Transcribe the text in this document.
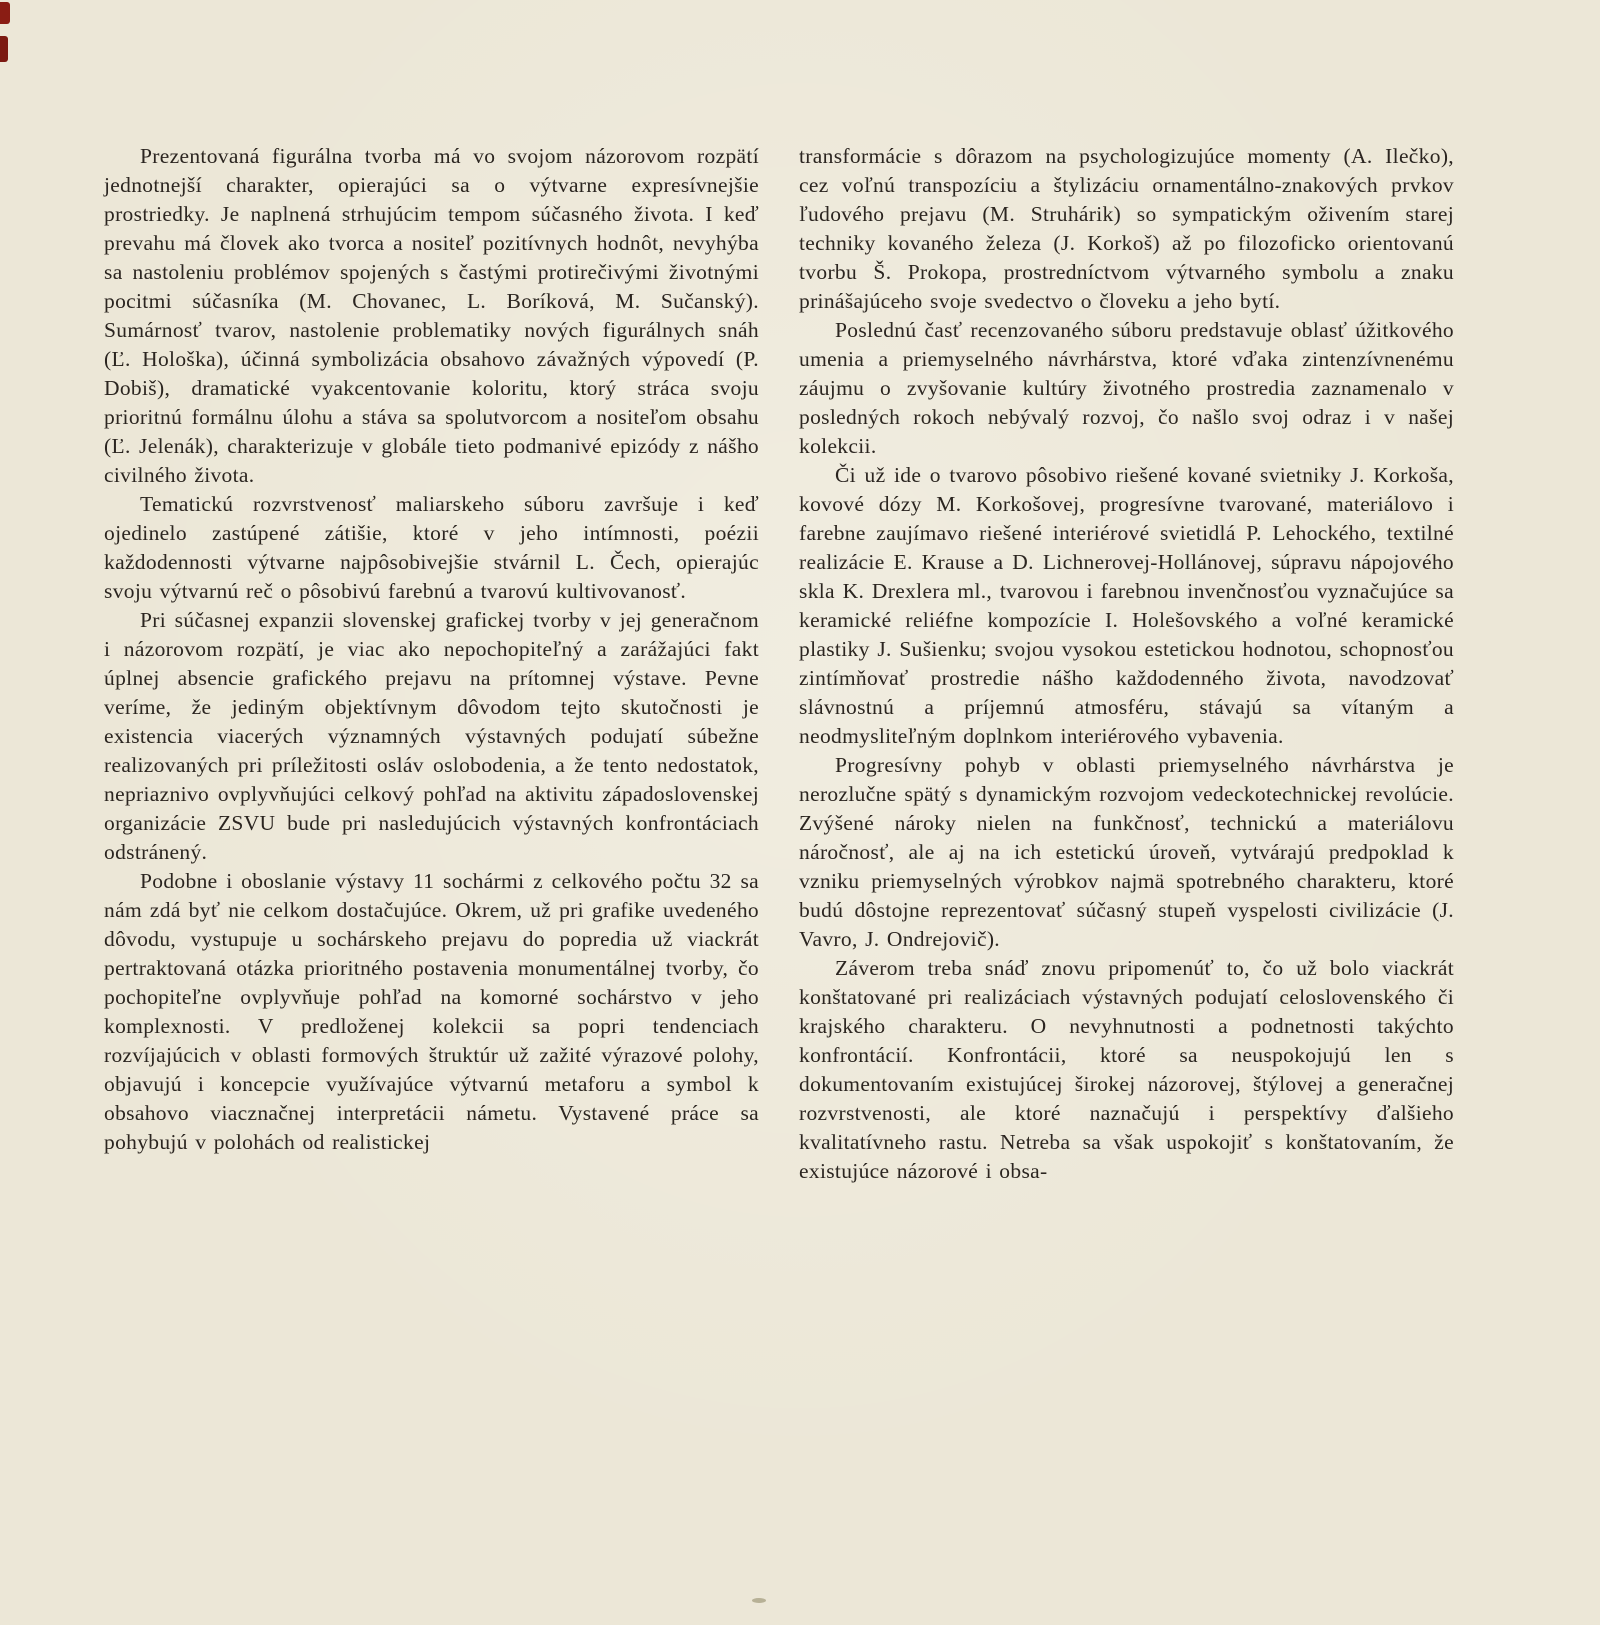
Prezentovaná figurálna tvorba má vo svojom názorovom rozpätí jednotnejší charakter, opierajúci sa o výtvarne expresívnejšie prostriedky. Je naplnená strhujúcim tempom súčasného života. I keď prevahu má človek ako tvorca a nositeľ pozitívnych hodnôt, nevyhýba sa nastoleniu problémov spojených s častými protirečivými životnými pocitmi súčasníka (M. Chovanec, L. Boríková, M. Sučanský). Sumárnosť tvarov, nastolenie problematiky nových figurálnych snáh (Ľ. Hološka), účinná symbolizácia obsahovo závažných výpovedí (P. Dobiš), dramatické vyakcentovanie koloritu, ktorý stráca svoju prioritnú formálnu úlohu a stáva sa spolutvorcom a nositeľom obsahu (Ľ. Jelenák), charakterizuje v globále tieto podmanivé epizódy z nášho civilného života.

Tematickú rozvrstvenosť maliarskeho súboru završuje i keď ojedinelo zastúpené zátišie, ktoré v jeho intímnosti, poézii každodennosti výtvarne najpôsobivejšie stvárnil L. Čech, opierajúc svoju výtvarnú reč o pôsobivú farebnú a tvarovú kultivovanosť.

Pri súčasnej expanzii slovenskej grafickej tvorby v jej generačnom i názorovom rozpätí, je viac ako nepochopiteľný a zarážajúci fakt úplnej absencie grafického prejavu na prítomnej výstave. Pevne veríme, že jediným objektívnym dôvodom tejto skutočnosti je existencia viacerých významných výstavných podujatí súbežne realizovaných pri príležitosti osláv oslobodenia, a že tento nedostatok, nepriaznivo ovplyvňujúci celkový pohľad na aktivitu západoslovenskej organizácie ZSVU bude pri nasledujúcich výstavných konfrontáciach odstránený.

Podobne i oboslanie výstavy 11 sochármi z celkového počtu 32 sa nám zdá byť nie celkom dostačujúce. Okrem, už pri grafike uvedeného dôvodu, vystupuje u sochárskeho prejavu do popredia už viackrát pertraktovaná otázka prioritného postavenia monumentálnej tvorby, čo pochopiteľne ovplyvňuje pohľad na komorné sochárstvo v jeho komplexnosti. V predloženej kolekcii sa popri tendenciach rozvíjajúcich v oblasti formových štruktúr už zažité výrazové polohy, objavujú i koncepcie využívajúce výtvarnú metaforu a symbol k obsahovo viacznačnej interpretácii námetu. Vystavené práce sa pohybujú v polohách od realistickej

transformácie s dôrazom na psychologizujúce momenty (A. Ilečko), cez voľnú transpozíciu a štylizáciu ornamentálno-znakových prvkov ľudového prejavu (M. Struhárik) so sympatickým oživením starej techniky kovaného železa (J. Korkoš) až po filozoficko orientovanú tvorbu Š. Prokopa, prostredníctvom výtvarného symbolu a znaku prinášajúceho svoje svedectvo o človeku a jeho bytí.

Poslednú časť recenzovaného súboru predstavuje oblasť úžitkového umenia a priemyselného návrhárstva, ktoré vďaka zintenzívnenému záujmu o zvyšovanie kultúry životného prostredia zaznamenalo v posledných rokoch nebývalý rozvoj, čo našlo svoj odraz i v našej kolekcii.

Či už ide o tvarovo pôsobivo riešené kované svietniky J. Korkoša, kovové dózy M. Korkošovej, progresívne tvarované, materiálovo i farebne zaujímavo riešené interiérové svietidlá P. Lehockého, textilné realizácie E. Krause a D. Lichnerovej-Hollánovej, súpravu nápojového skla K. Drexlera ml., tvarovou i farebnou invenčnosťou vyznačujúce sa keramické reliéfne kompozície I. Holešovského a voľné keramické plastiky J. Sušienku; svojou vysokou estetickou hodnotou, schopnosťou zintímňovať prostredie nášho každodenného života, navodzovať slávnostnú a príjemnú atmosféru, stávajú sa vítaným a neodmysliteľným doplnkom interiérového vybavenia.

Progresívny pohyb v oblasti priemyselného návrhárstva je nerozlučne spätý s dynamickým rozvojom vedeckotechnickej revolúcie. Zvýšené nároky nielen na funkčnosť, technickú a materiálovu náročnosť, ale aj na ich estetickú úroveň, vytvárajú predpoklad k vzniku priemyselných výrobkov najmä spotrebného charakteru, ktoré budú dôstojne reprezentovať súčasný stupeň vyspelosti civilizácie (J. Vavro, J. Ondrejovič).

Záverom treba snáď znovu pripomenúť to, čo už bolo viackrát konštatované pri realizáciach výstavných podujatí celoslovenského či krajského charakteru. O nevyhnutnosti a podnetnosti takýchto konfrontácií. Konfrontácii, ktoré sa neuspokojujú len s dokumentovaním existujúcej širokej názorovej, štýlovej a generačnej rozvrstvenosti, ale ktoré naznačujú i perspektívy ďalšieho kvalitatívneho rastu. Netreba sa však uspokojiť s konštatovaním, že existujúce názorové i obsa-
